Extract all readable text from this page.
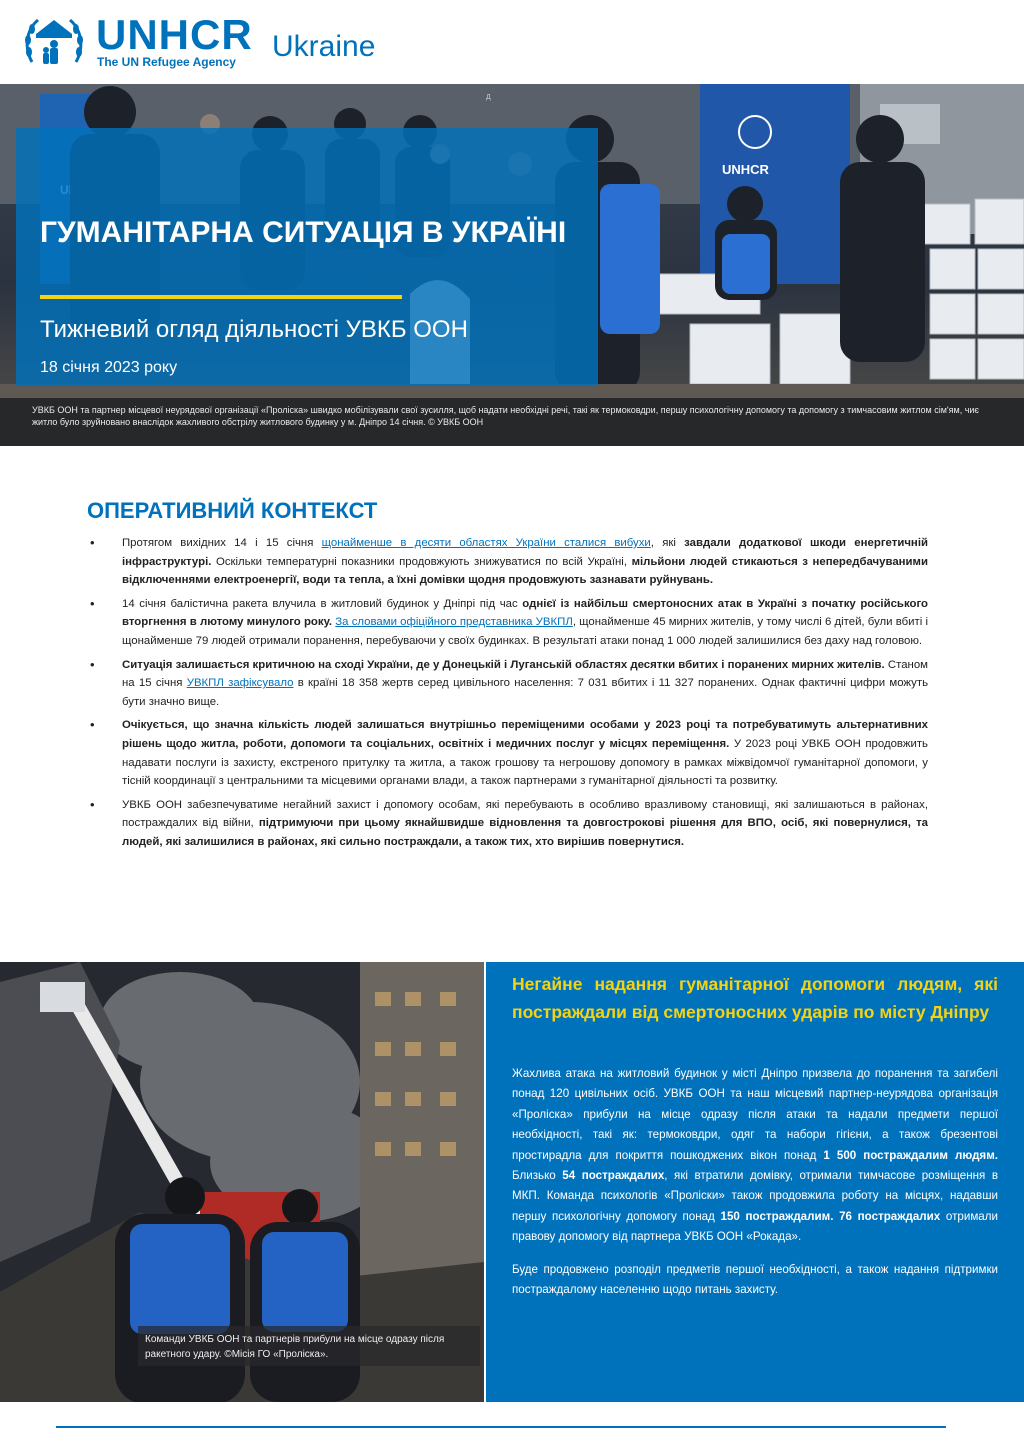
UNHCR
The UN Refugee Agency Ukraine
UNHCR
Д
ГУМАНІТАРНА СИТУАЦІЯ В УКРАЇНІ
Тижневий огляд діяльності УВКБ ООН
18 січня 2023 року
УВКБ ООН та партнер місцевої неурядової організації «Проліска» швидко мобілізували свої зусилля, щоб надати необхідні речі, такі як термоковдри, першу психологічну допомогу та допомогу з тимчасовим житлом сім'ям, чиє житло було зруйновано внаслідок жахливого обстрілу житлового будинку у м. Дніпро 14 січня. © УВКБ ООН
ОПЕРАТИВНИЙ КОНТЕКСТ
• Протягом вихідних 14 і 15 січня щонайменше в десяти областях України сталися вибухи, які завдали додаткової шкоди енергетичній інфраструктурі. Оскільки температурні показники продовжують знижуватися по всій Україні, мільйони людей стикаються з непередбачуваними відключеннями електроенергії, води та тепла, а їхні домівки щодня продовжують зазнавати руйнувань.
• 14 січня балістична ракета влучила в житловий будинок у Дніпрі під час однієї із найбільш смертоносних атак в Україні з початку російського вторгнення в лютому минулого року. За словами офіційного представника УВКПЛ, щонайменше 45 мирних жителів, у тому числі 6 дітей, були вбиті і щонайменше 79 людей отримали поранення, перебуваючи у своїх будинках. В результаті атаки понад 1 000 людей залишилися без даху над головою.
• Ситуація залишається критичною на сході України, де у Донецькій і Луганській областях десятки вбитих і поранених мирних жителів. Станом на 15 січня УВКПЛ зафіксувало в країні 18 358 жертв серед цивільного населення: 7 031 вбитих і 11 327 поранених. Однак фактичні цифри можуть бути значно вище.
• Очікується, що значна кількість людей залишаться внутрішньо переміщеними особами у 2023 році та потребуватимуть альтернативних рішень щодо житла, роботи, допомоги та соціальних, освітніх і медичних послуг у місцях переміщення. У 2023 році УВКБ ООН продовжить надавати послуги із захисту, екстреного притулку та житла, а також грошову та негрошову допомогу в рамках міжвідомчої гуманітарної допомоги, у тісній координації з центральними та місцевими органами влади, а також партнерами з гуманітарної діяльності та розвитку.
• УВКБ ООН забезпечуватиме негайний захист і допомогу особам, які перебувають в особливо вразливому становищі, які залишаються в районах, постраждалих від війни, підтримуючи при цьому якнайшвидше відновлення та довгострокові рішення для ВПО, осіб, які повернулися, та людей, які залишилися в районах, які сильно постраждали, а також тих, хто вирішив повернутися.
Команди УВКБ ООН та партнерів прибули на місце одразу після ракетного удару. ©Місія ГО «Проліска».
Негайне надання гуманітарної допомоги людям, які постраждали від смертоносних ударів по місту Дніпру

Жахлива атака на житловий будинок у місті Дніпро призвела до поранення та загибелі понад 120 цивільних осіб. УВКБ ООН та наш місцевий партнер-неурядова організація «Проліска» прибули на місце одразу після атаки та надали предмети першої необхідності, такі як: термоковдри, одяг та набори гігієни, а також брезентові простирадла для покриття пошкоджених вікон понад 1 500 постраждалим людям. Близько 54 постраждалих, які втратили домівку, отримали тимчасове розміщення в МКП. Команда психологів «Проліски» також продовжила роботу на місцях, надавши першу психологічну допомогу понад 150 постраждалим. 76 постраждалих отримали правову допомогу від партнера УВКБ ООН «Рокада».

Буде продовжено розподіл предметів першої необхідності, а також надання підтримки постраждалому населенню щодо питань захисту.
